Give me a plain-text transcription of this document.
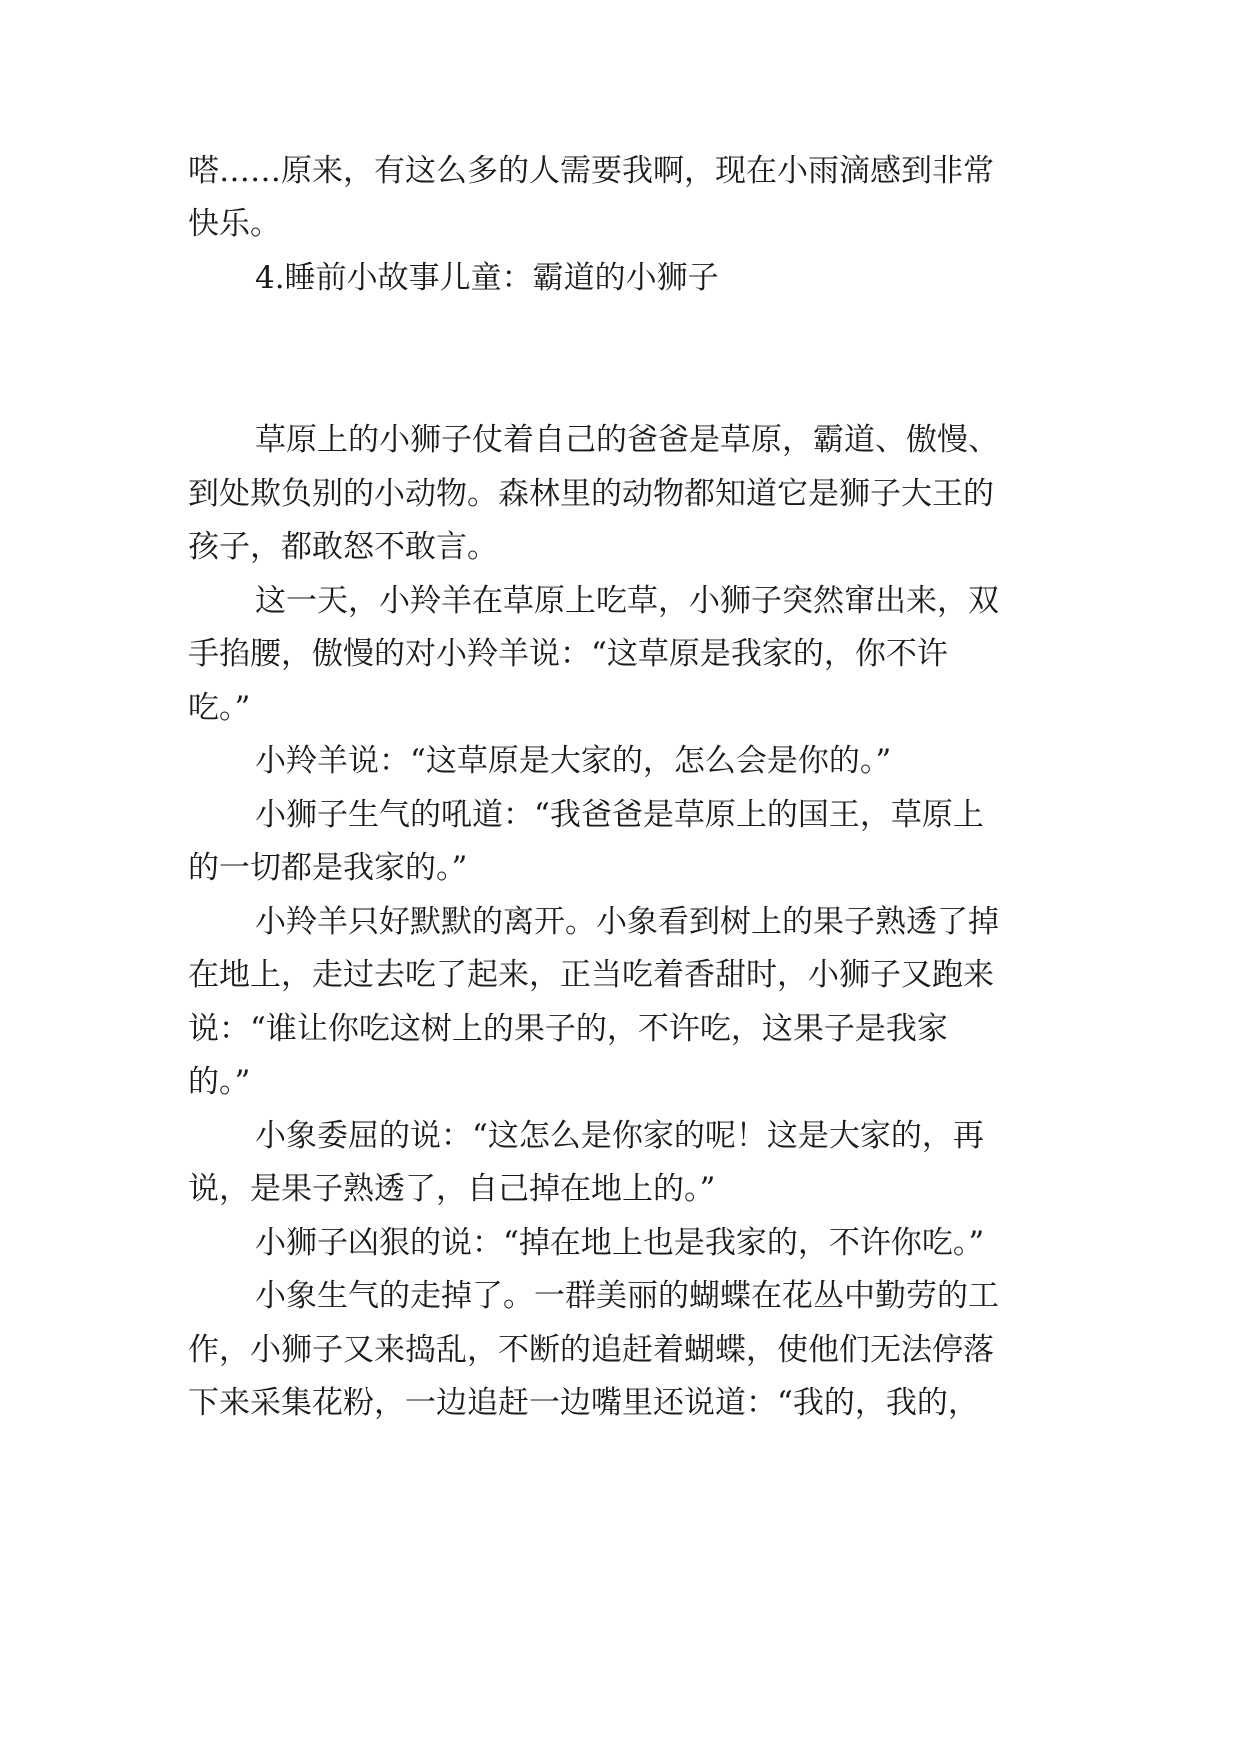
嗒……原来，有这么多的人需要我啊，现在小雨滴感到非常
快乐。
4.睡前小故事儿童：霸道的小狮子
草原上的小狮子仗着自己的爸爸是草原，霸道、傲慢、
到处欺负别的小动物。森林里的动物都知道它是狮子大王的
孩子，都敢怒不敢言。
这一天，小羚羊在草原上吃草，小狮子突然窜出来，双
手掐腰，傲慢的对小羚羊说：“这草原是我家的，你不许
吃。”
小羚羊说：“这草原是大家的，怎么会是你的。”
小狮子生气的吼道：“我爸爸是草原上的国王，草原上
的一切都是我家的。”
小羚羊只好默默的离开。小象看到树上的果子熟透了掉
在地上，走过去吃了起来，正当吃着香甜时，小狮子又跑来
说：“谁让你吃这树上的果子的，不许吃，这果子是我家
的。”
小象委屈的说：“这怎么是你家的呢！这是大家的，再
说，是果子熟透了，自己掉在地上的。”
小狮子凶狠的说：“掉在地上也是我家的，不许你吃。”
小象生气的走掉了。一群美丽的蝴蝶在花丛中勤劳的工
作，小狮子又来捣乱，不断的追赶着蝴蝶，使他们无法停落
下来采集花粉，一边追赶一边嘴里还说道：“我的，我的，
